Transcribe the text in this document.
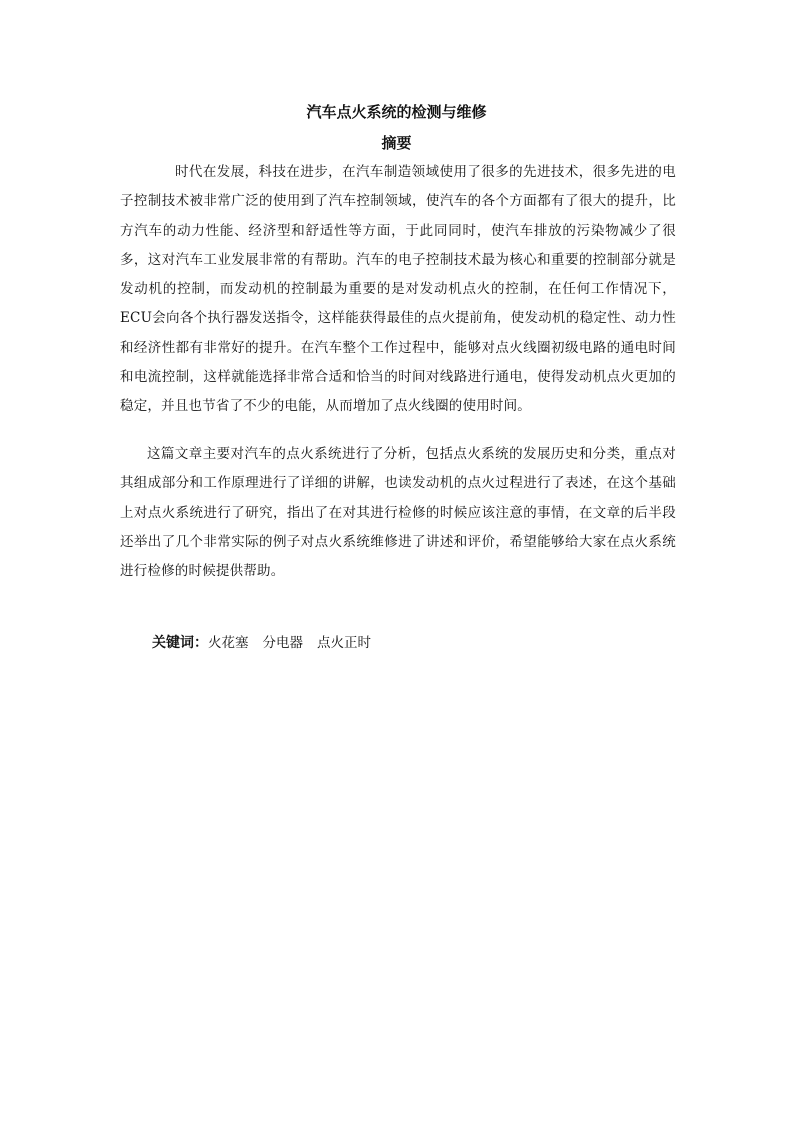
汽车点火系统的检测与维修
摘要

时代在发展，科技在进步，在汽车制造领域使用了很多的先进技术，很多先进的电子控制技术被非常广泛的使用到了汽车控制领域，使汽车的各个方面都有了很大的提升，比方汽车的动力性能、经济型和舒适性等方面，于此同同时，使汽车排放的污染物减少了很多，这对汽车工业发展非常的有帮助。汽车的电子控制技术最为核心和重要的控制部分就是发动机的控制，而发动机的控制最为重要的是对发动机点火的控制，在任何工作情况下，ECU会向各个执行器发送指令，这样能获得最佳的点火提前角，使发动机的稳定性、动力性和经济性都有非常好的提升。在汽车整个工作过程中，能够对点火线圈初级电路的通电时间和电流控制，这样就能选择非常合适和恰当的时间对线路进行通电，使得发动机点火更加的稳定，并且也节省了不少的电能，从而增加了点火线圈的使用时间。

这篇文章主要对汽车的点火系统进行了分析，包括点火系统的发展历史和分类，重点对其组成部分和工作原理进行了详细的讲解，也读发动机的点火过程进行了表述，在这个基础上对点火系统进行了研究，指出了在对其进行检修的时候应该注意的事情，在文章的后半段还举出了几个非常实际的例子对点火系统维修进了讲述和评价，希望能够给大家在点火系统进行检修的时候提供帮助。

关键词：火花塞 分电器 点火正时
